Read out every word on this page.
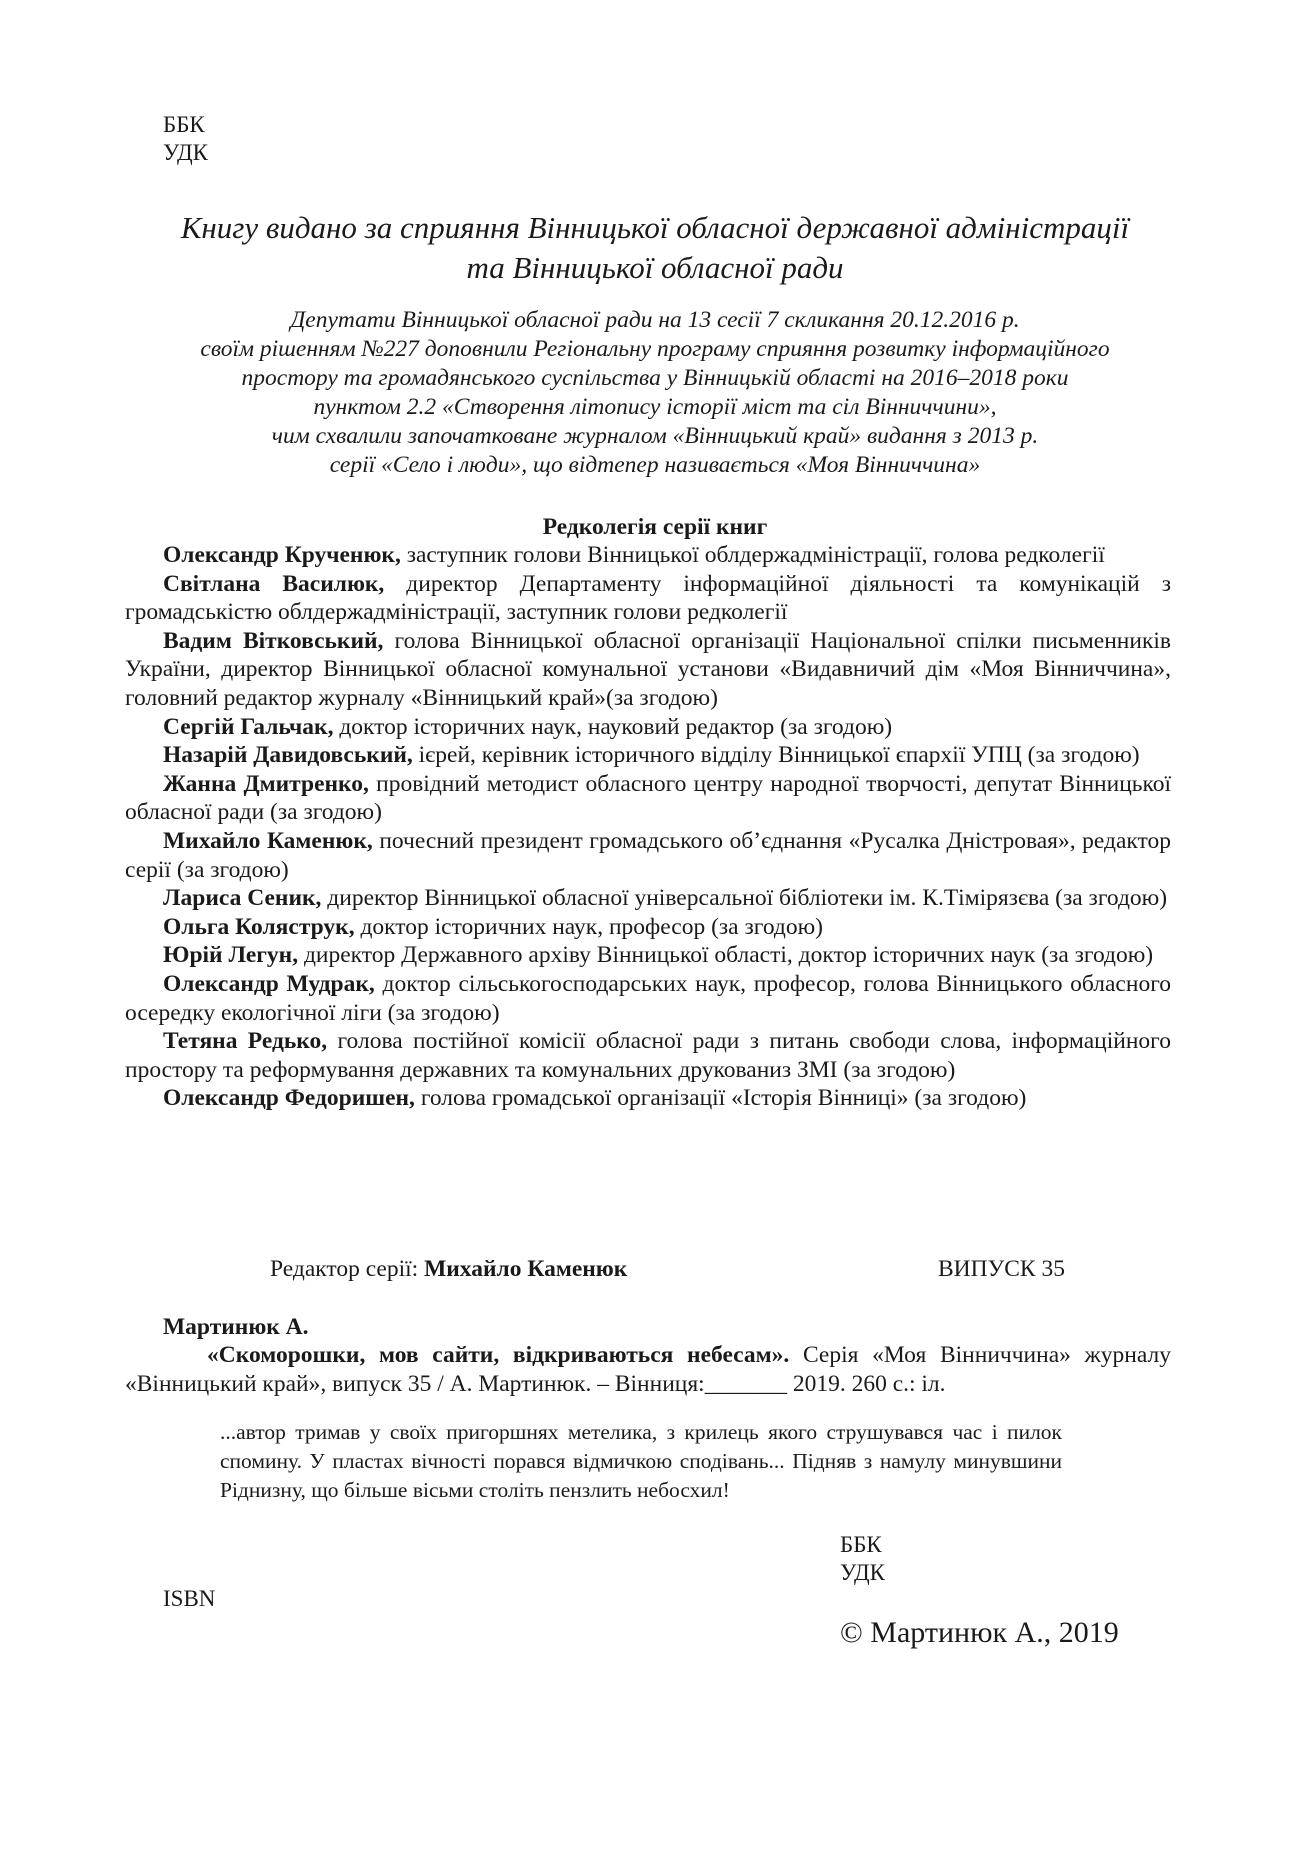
ББК
УДК
Книгу видано за сприяння Вінницької обласної державної адміністрації
та Вінницької обласної ради
Депутати Вінницької обласної ради на 13 сесії 7 скликання 20.12.2016 р.
своїм рішенням №227 доповнили Регіональну програму сприяння розвитку інформаційного
простору та громадянського суспільства у Вінницькій області на 2016–2018 роки
пунктом 2.2 «Створення літопису історії міст та сіл Вінниччини»,
чим схвалили започатковане журналом «Вінницький край» видання з 2013 р.
серії «Село і люди», що відтепер називається «Моя Вінниччина»
Редколегія серії книг

Олександр Крученюк, заступник голови Вінницької облдержадміністрації, голова редколегії

Світлана Василюк, директор Департаменту інформаційної діяльності та комунікацій з громадськістю облдержадміністрації, заступник голови редколегії

Вадим Вітковський, голова Вінницької обласної організації Національної спілки письменників України, директор Вінницької обласної комунальної установи «Видавничий дім «Моя Вінниччина», головний редактор журналу «Вінницький край»(за згодою)

Сергій Гальчак, доктор історичних наук, науковий редактор (за згодою)

Назарій Давидовський, ієрей, керівник історичного відділу Вінницької єпархії УПЦ (за згодою)

Жанна Дмитренко, провідний методист обласного центру народної творчості, депутат Вінницької обласної ради (за згодою)

Михайло Каменюк, почесний президент громадського об’єднання «Русалка Дністровая», редактор серії (за згодою)

Лариса Сеник, директор Вінницької обласної універсальної бібліотеки ім. К.Тімірязєва (за згодою)

Ольга Коляструк, доктор історичних наук, професор (за згодою)

Юрій Легун, директор Державного архіву Вінницької області, доктор історичних наук (за згодою)

Олександр Мудрак, доктор сільськогосподарських наук, професор, голова Вінницького обласного осередку екологічної ліги (за згодою)

Тетяна Редько, голова постійної комісії обласної ради з питань свободи слова, інформаційного простору та реформування державних та комунальних друкованиз ЗМІ (за згодою)

Олександр Федоришен, голова громадської організації «Історія Вінниці» (за згодою)

Редактор серії: Михайло Каменюк	ВИПУСК 35
Мартинюк А.

«Скоморошки, мов сайти, відкриваються небесам». Серія «Моя Вінниччина» журналу «Вінницький край», випуск 35 / А. Мартинюк. – Вінниця:_______ 2019. 260 с.: іл.

...автор тримав у своїх пригоршнях метелика, з крилець якого струшувався час і пилок спомину. У пластах вічності порався відмичкою сподівань... Підняв з намулу минувшини Ріднизну, що більше вісьми століть пензлить небосхил!

ББК
УДК
ISBN
© Мартинюк А., 2019
